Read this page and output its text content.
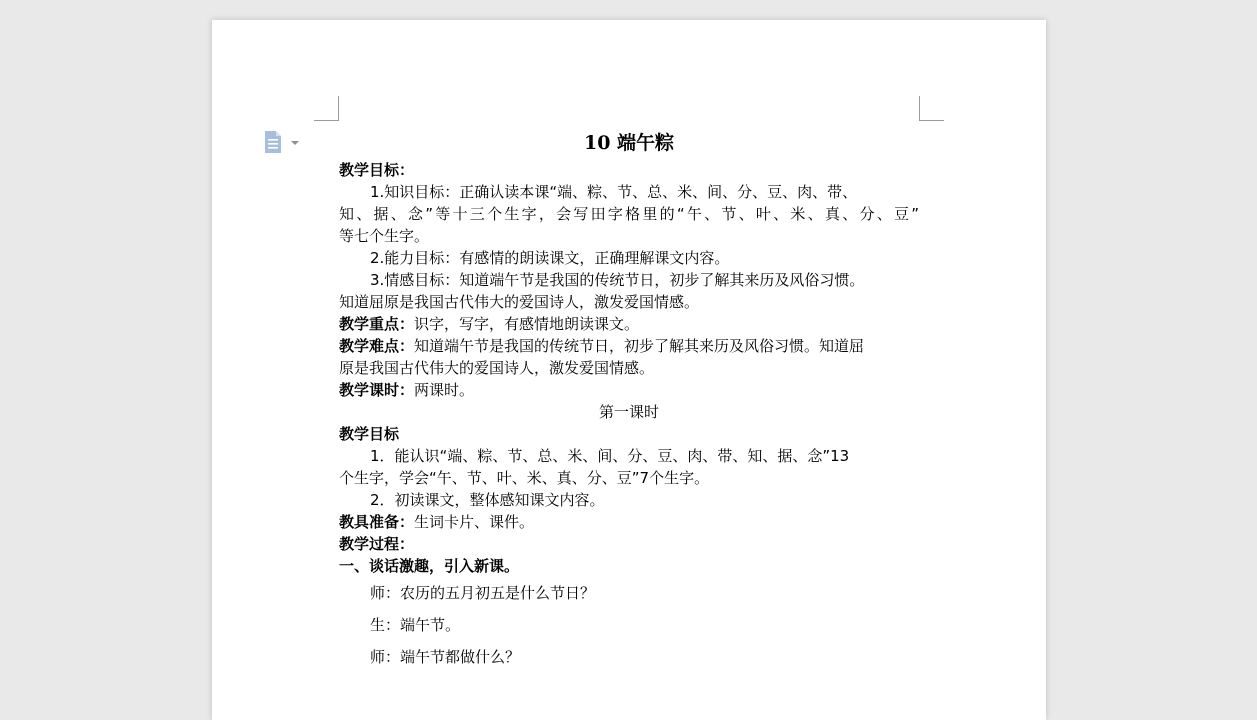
10 端午粽
教学目标：
1.知识目标：正确认读本课“端、粽、节、总、米、间、分、豆、肉、带、
知、据、念”等十三个生字，会写田字格里的“午、节、叶、米、真、分、豆”
等七个生字。
2.能力目标：有感情的朗读课文，正确理解课文内容。
3.情感目标：知道端午节是我国的传统节日，初步了解其来历及风俗习惯。
知道屈原是我国古代伟大的爱国诗人，激发爱国情感。
教学重点：识字，写字，有感情地朗读课文。
教学难点：知道端午节是我国的传统节日，初步了解其来历及风俗习惯。知道屈
原是我国古代伟大的爱国诗人，激发爱国情感。
教学课时：两课时。
第一课时
教学目标
1．能认识“端、粽、节、总、米、间、分、豆、肉、带、知、据、念”13
个生字，学会“午、节、叶、米、真、分、豆”7个生字。
2．初读课文，整体感知课文内容。
教具准备：生词卡片、课件。
教学过程：
一、谈话激趣，引入新课。
师：农历的五月初五是什么节日？
生：端午节。
师：端午节都做什么？
